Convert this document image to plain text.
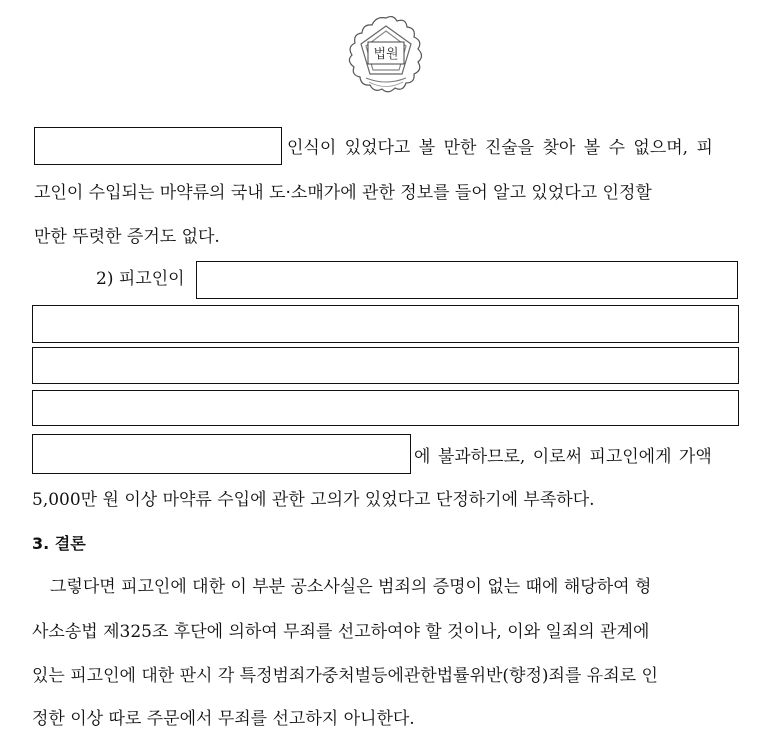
법원
인식이 있었다고 볼 만한 진술을 찾아 볼 수 없으며, 피
고인이 수입되는 마약류의 국내 도·소매가에 관한 정보를 들어 알고 있었다고 인정할
만한 뚜렷한 증거도 없다.
2) 피고인이
에 불과하므로, 이로써 피고인에게 가액
5,000만 원 이상 마약류 수입에 관한 고의가 있었다고 단정하기에 부족하다.
3. 결론
그렇다면 피고인에 대한 이 부분 공소사실은 범죄의 증명이 없는 때에 해당하여 형
사소송법 제325조 후단에 의하여 무죄를 선고하여야 할 것이나, 이와 일죄의 관계에
있는 피고인에 대한 판시 각 특정범죄가중처벌등에관한법률위반(향정)죄를 유죄로 인
정한 이상 따로 주문에서 무죄를 선고하지 아니한다.
